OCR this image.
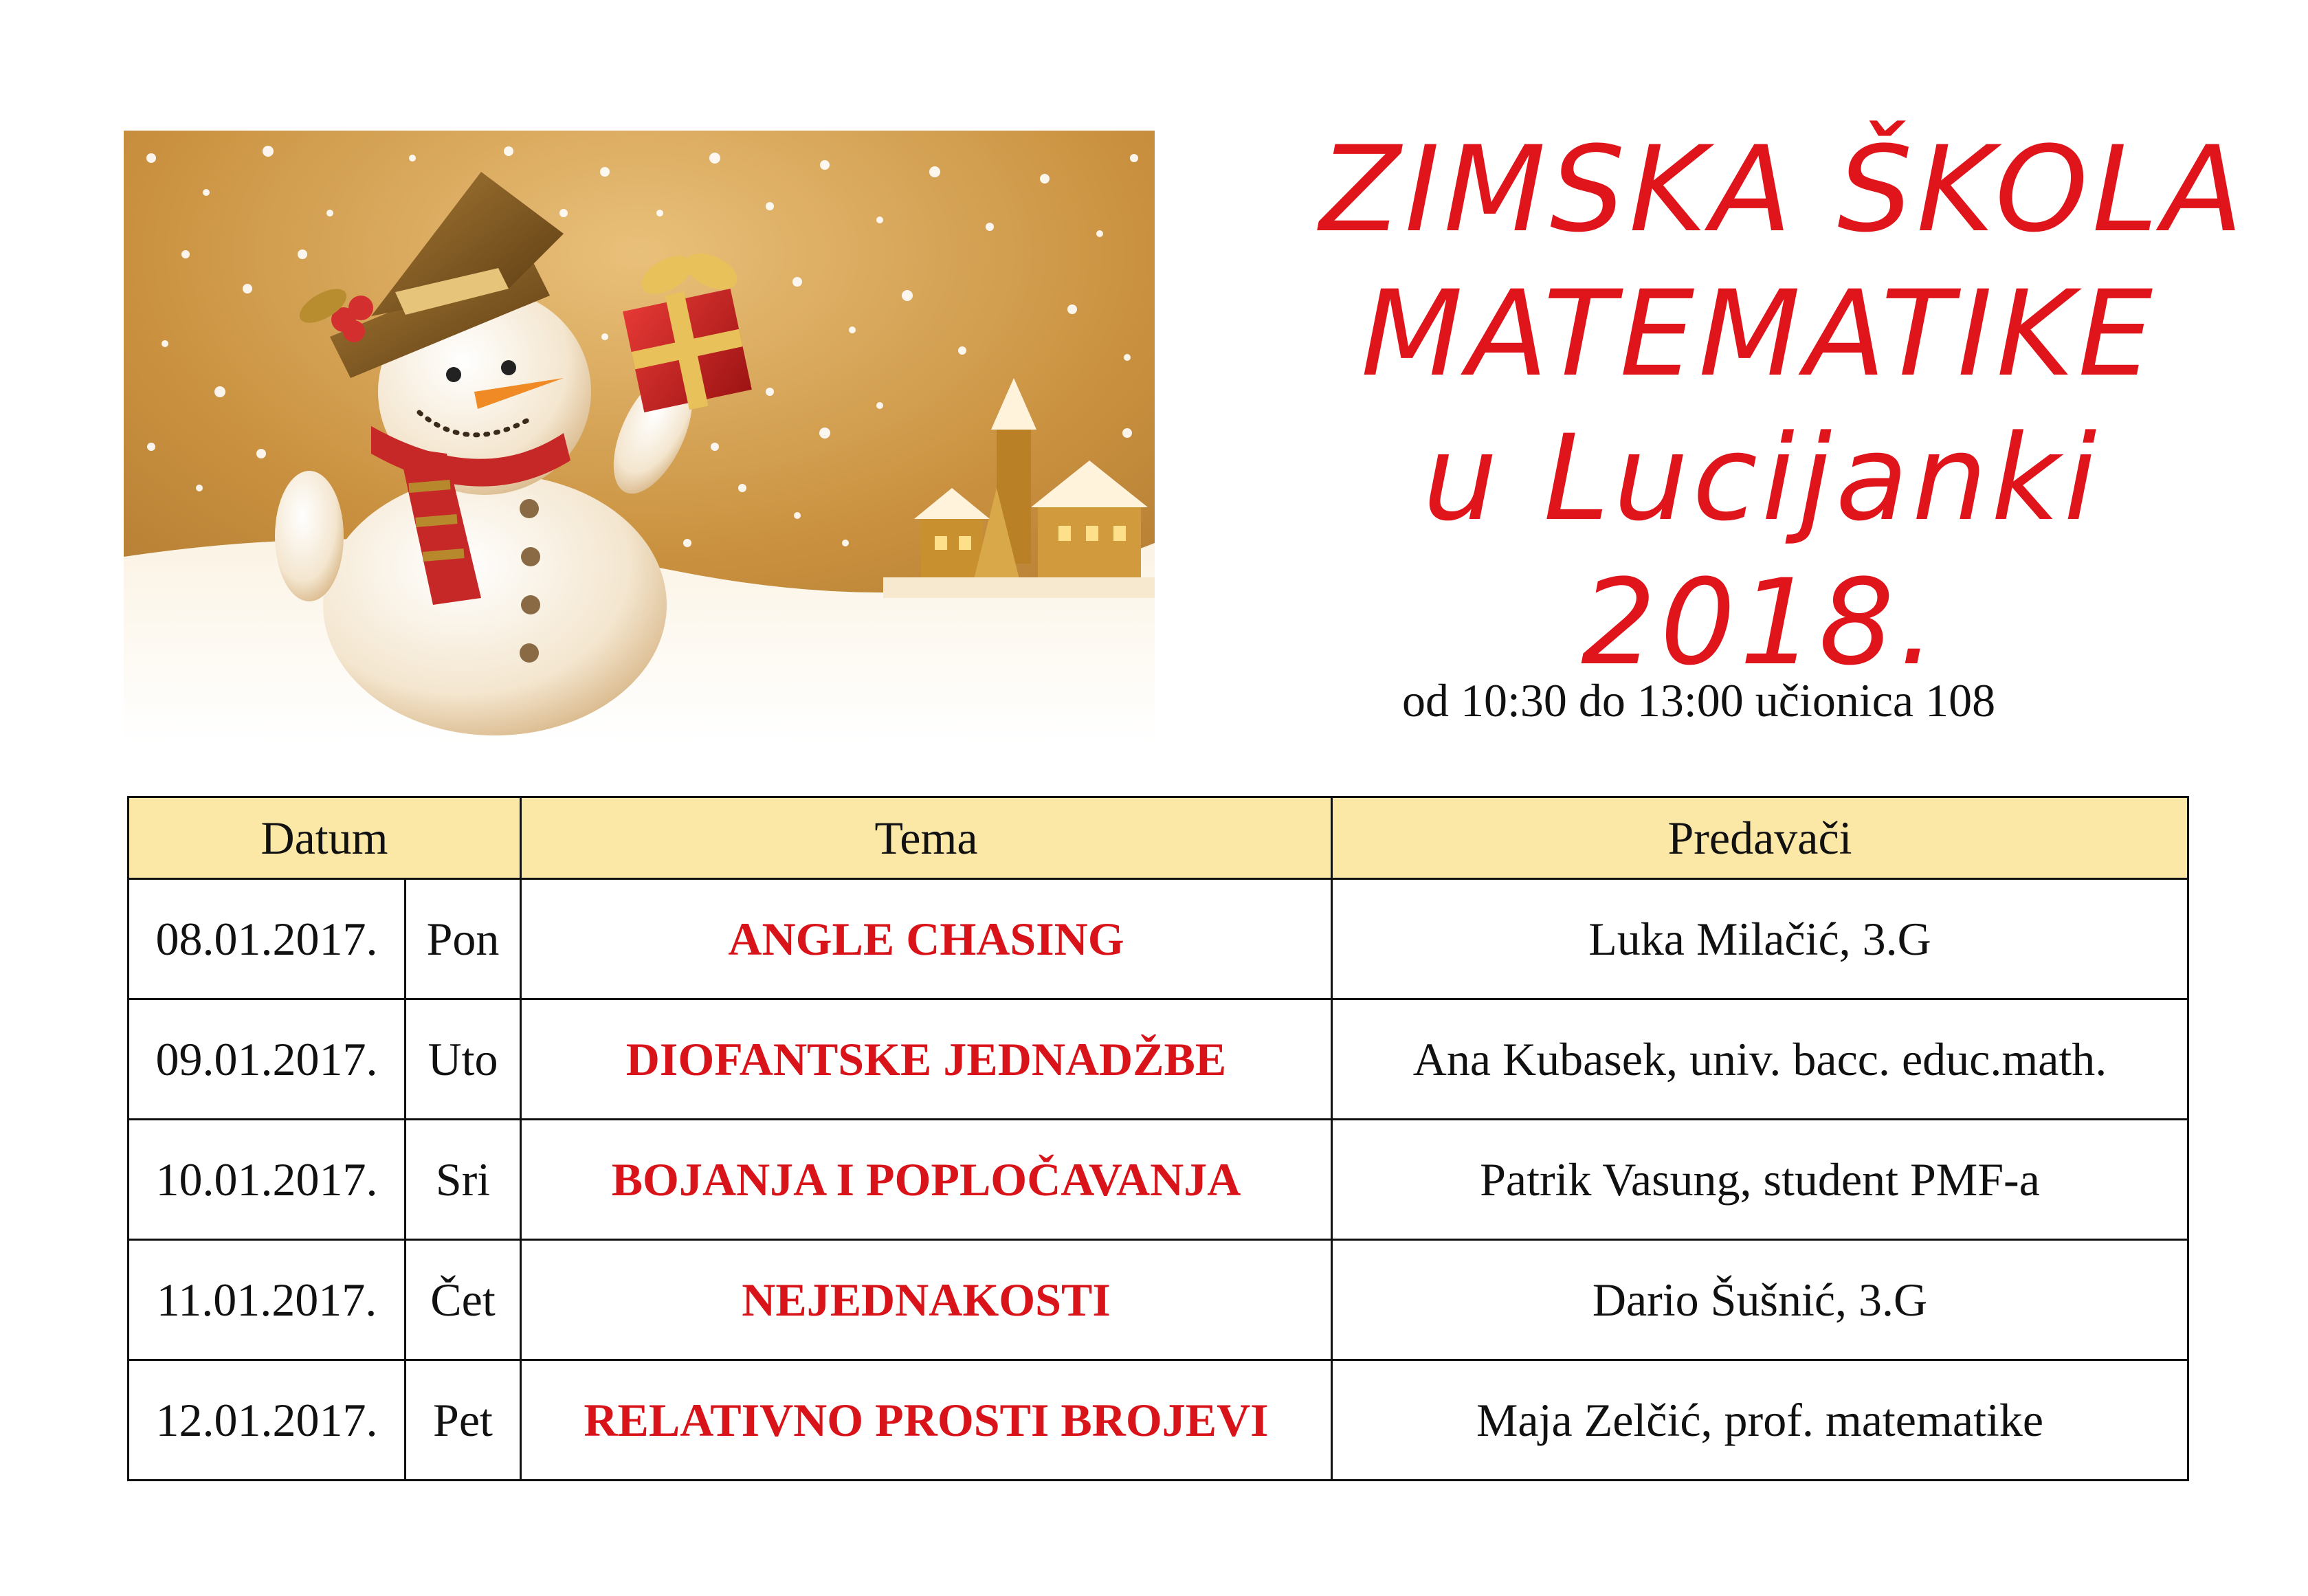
ZIMSKA ŠKOLA
MATEMATIKE
u Lucijanki
2018.
od 10:30 do 13:00 učionica 108
Datum		Tema	Predavači
08.01.2017.	Pon	ANGLE CHASING	Luka Milačić, 3.G
09.01.2017.	Uto	DIOFANTSKE JEDNADŽBE	Ana Kubasek, univ. bacc. educ.math.
10.01.2017.	Sri	BOJANJA I POPLOČAVANJA	Patrik Vasung, student PMF-a
11.01.2017.	Čet	NEJEDNAKOSTI	Dario Šušnić, 3.G
12.01.2017.	Pet	RELATIVNO PROSTI BROJEVI	Maja Zelčić, prof. matematike
